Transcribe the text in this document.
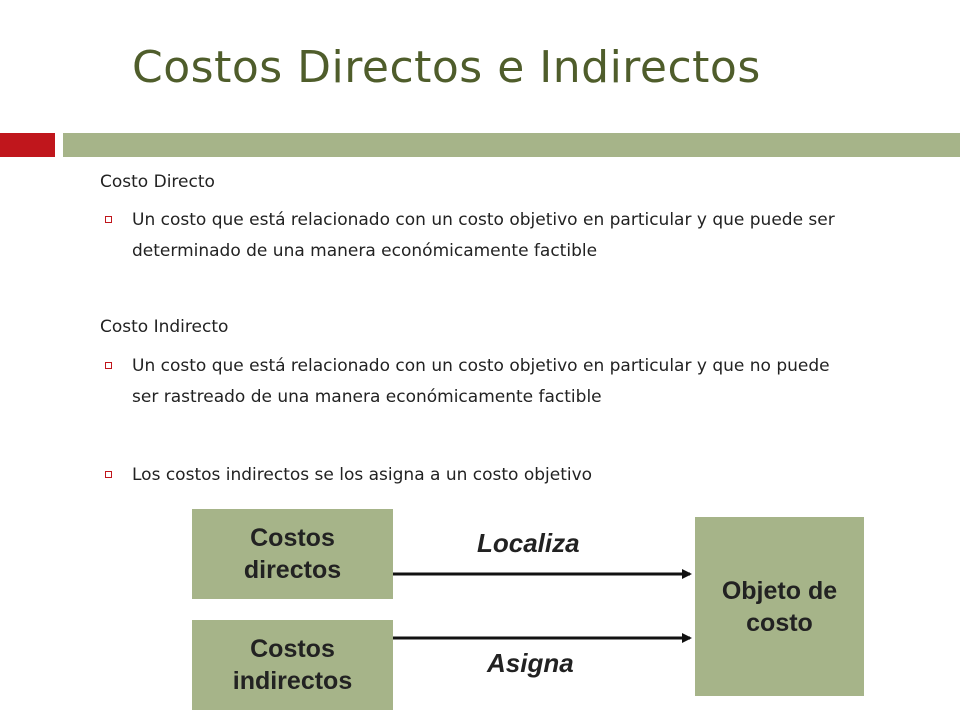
Costos Directos e Indirectos
Costo Directo
Un costo que está relacionado con un costo objetivo en particular y que puede ser determinado de una manera económicamente factible
Costo Indirecto
Un costo que está relacionado con un costo objetivo en particular y que no puede ser rastreado de una manera económicamente factible
Los costos indirectos se los asigna a un costo objetivo
Costos directos
Costos indirectos
Objeto de costo
Localiza
Asigna
